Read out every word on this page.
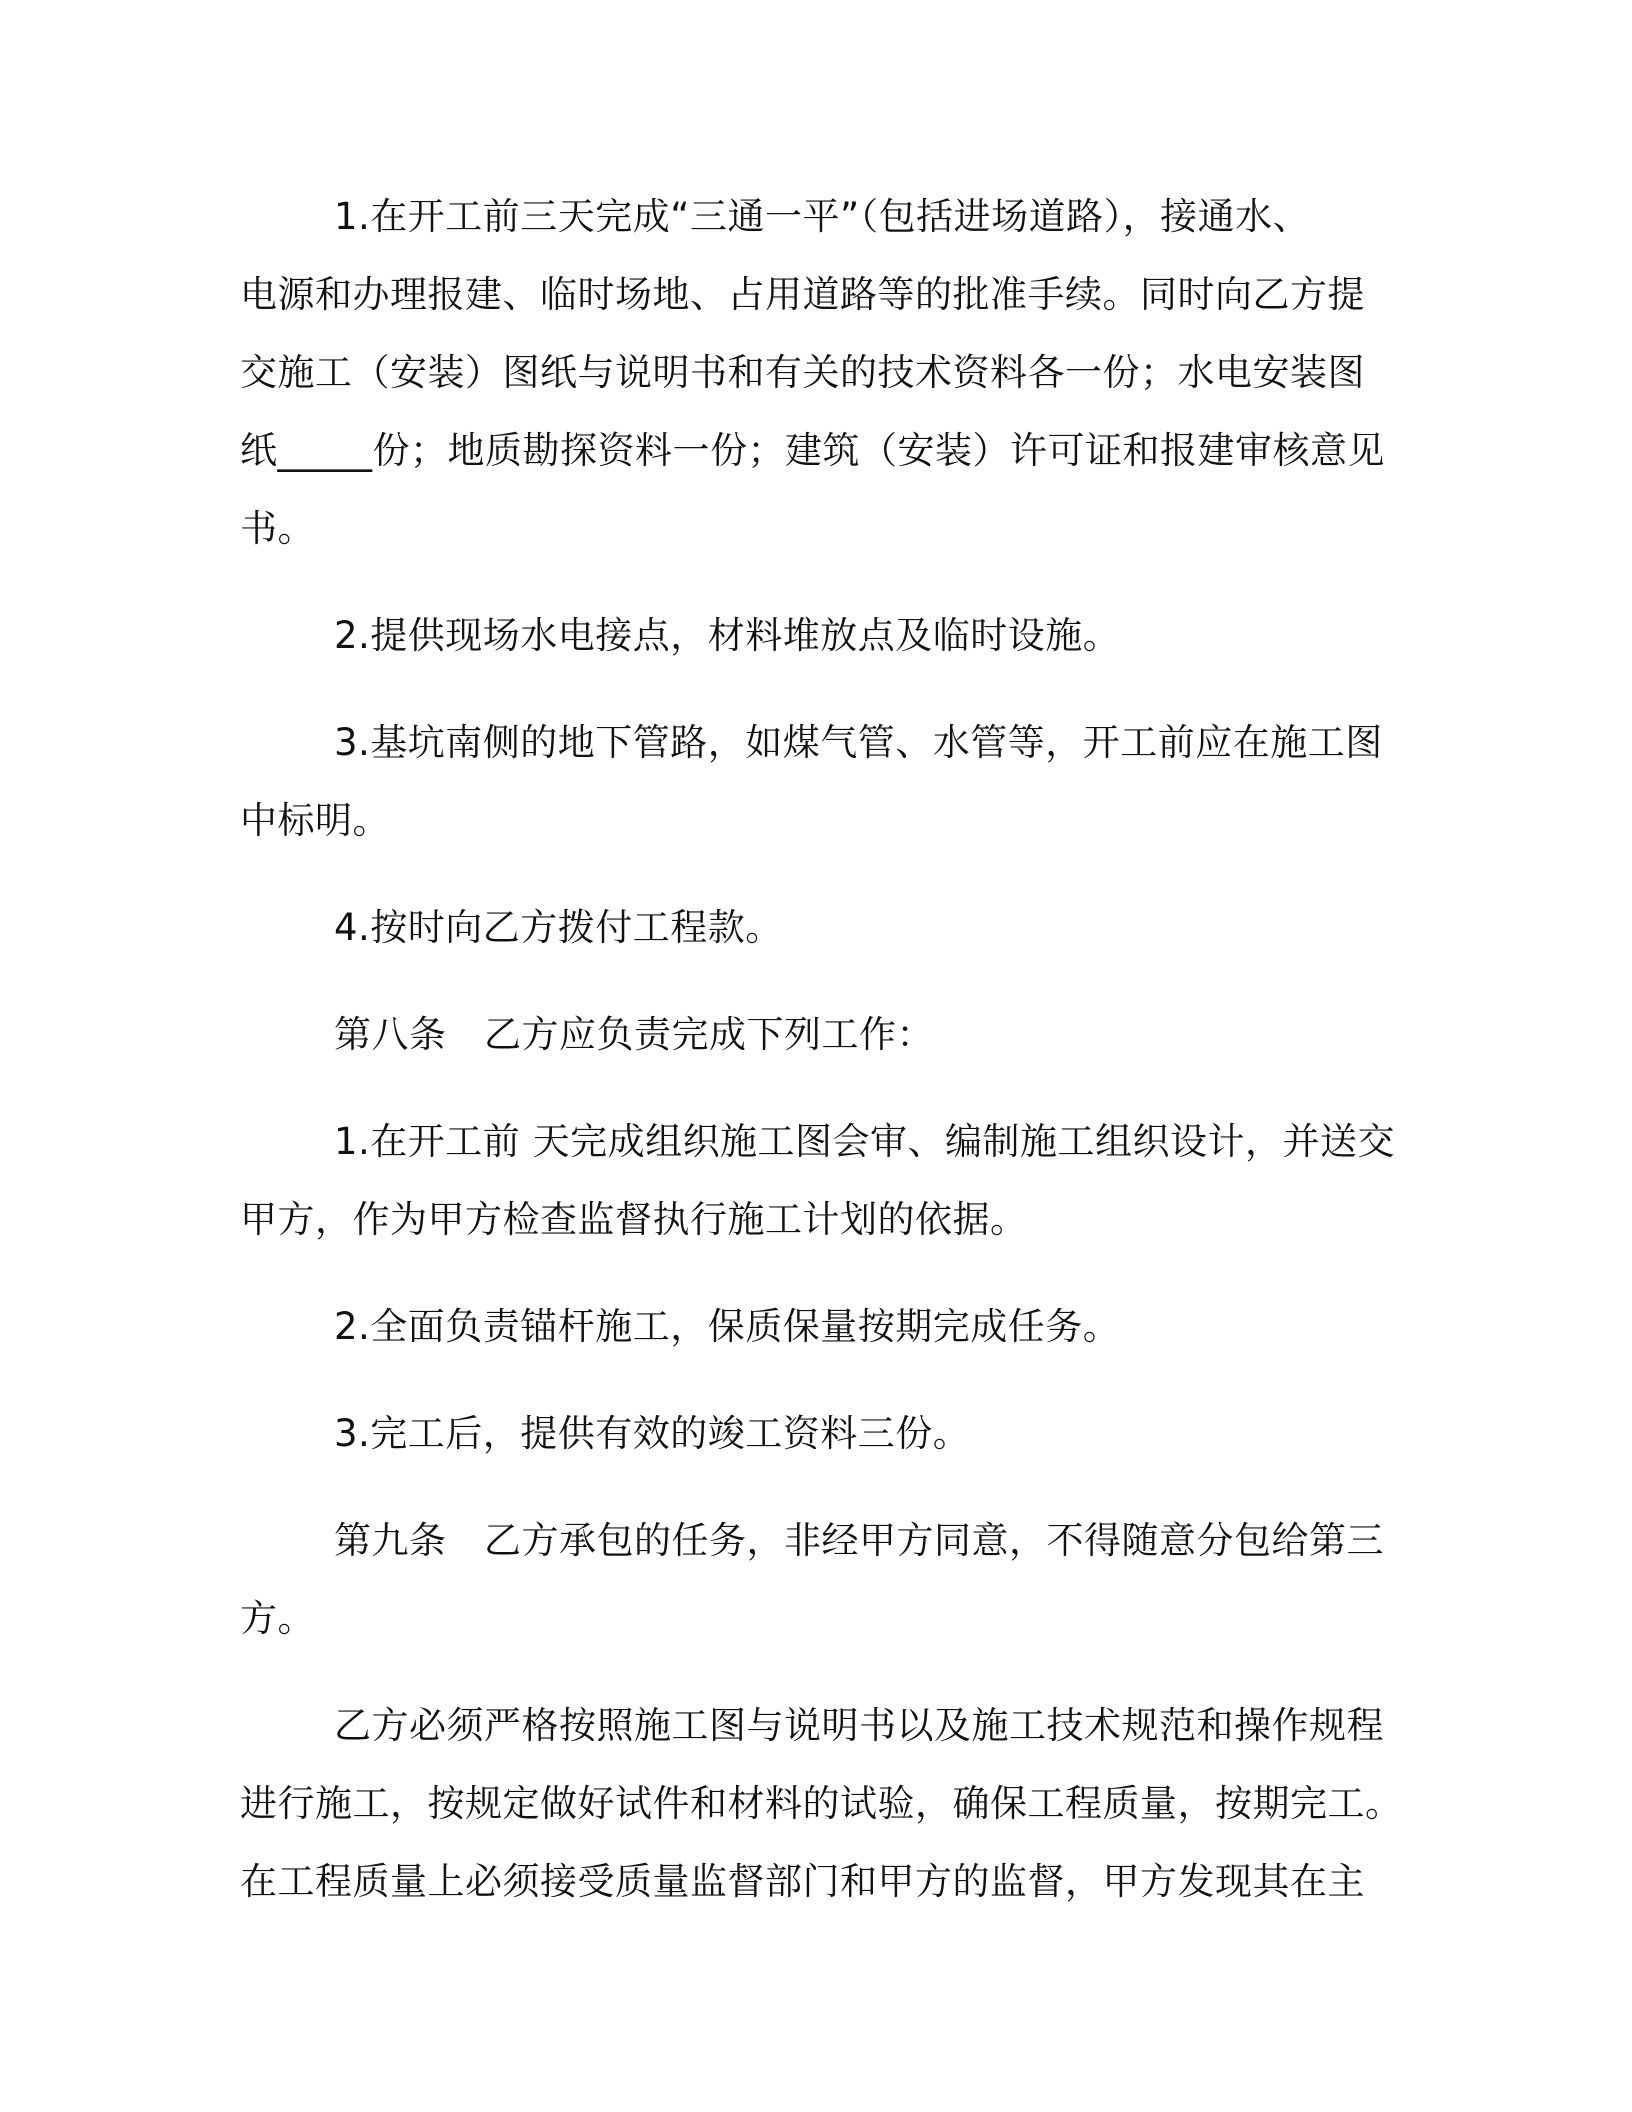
1.在开工前三天完成“三通一平”（包括进场道路），接通水、
电源和办理报建、临时场地、占用道路等的批准手续。同时向乙方提
交施工（安装）图纸与说明书和有关的技术资料各一份；水电安装图
纸_____份；地质勘探资料一份；建筑（安装）许可证和报建审核意见
书。

2.提供现场水电接点，材料堆放点及临时设施。

3.基坑南侧的地下管路，如煤气管、水管等，开工前应在施工图
中标明。

4.按时向乙方拨付工程款。

第八条　乙方应负责完成下列工作：

1.在开工前 天完成组织施工图会审、编制施工组织设计，并送交
甲方，作为甲方检查监督执行施工计划的依据。

2.全面负责锚杆施工，保质保量按期完成任务。

3.完工后，提供有效的竣工资料三份。

第九条　乙方承包的任务，非经甲方同意，不得随意分包给第三
方。

乙方必须严格按照施工图与说明书以及施工技术规范和操作规程
进行施工，按规定做好试件和材料的试验，确保工程质量，按期完工。
在工程质量上必须接受质量监督部门和甲方的监督，甲方发现其在主
